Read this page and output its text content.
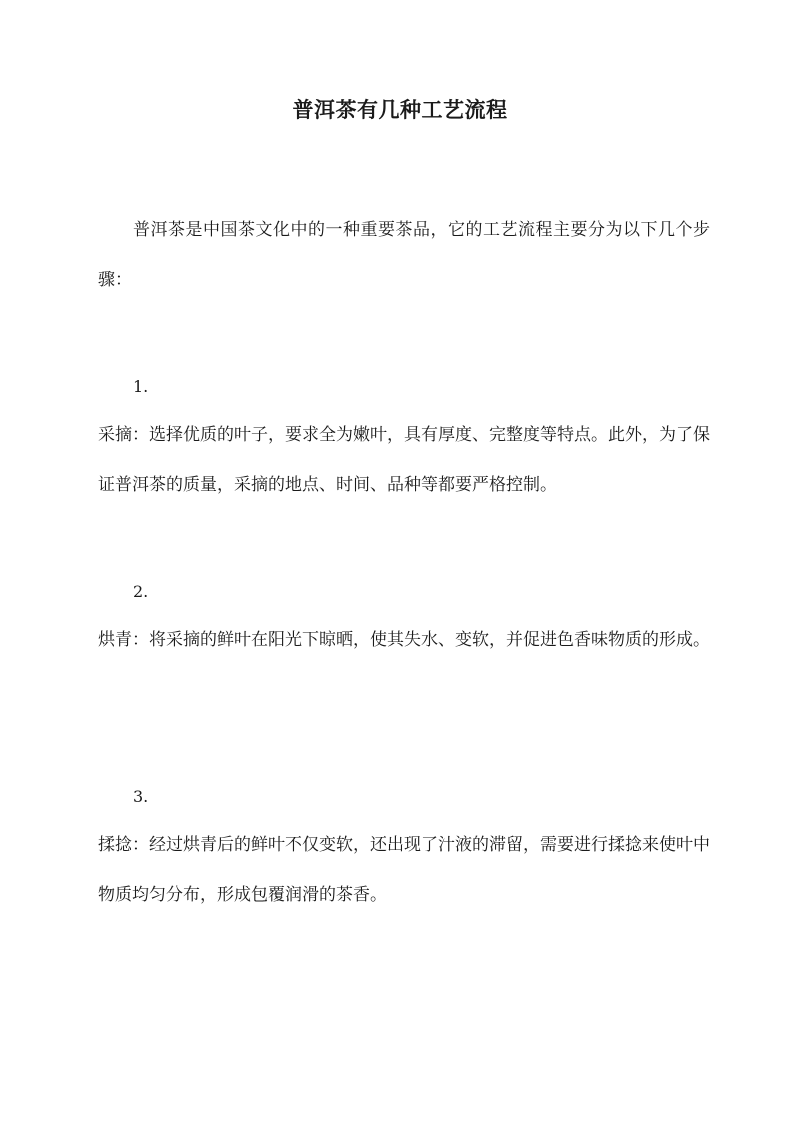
普洱茶有几种工艺流程

普洱茶是中国茶文化中的一种重要茶品，它的工艺流程主要分为以下几个步骤：

1.

采摘：选择优质的叶子，要求全为嫩叶，具有厚度、完整度等特点。此外，为了保证普洱茶的质量，采摘的地点、时间、品种等都要严格控制。

2.

烘青：将采摘的鲜叶在阳光下晾晒，使其失水、变软，并促进色香味物质的形成。

3.

揉捻：经过烘青后的鲜叶不仅变软，还出现了汁液的滞留，需要进行揉捻来使叶中物质均匀分布，形成包覆润滑的茶香。
